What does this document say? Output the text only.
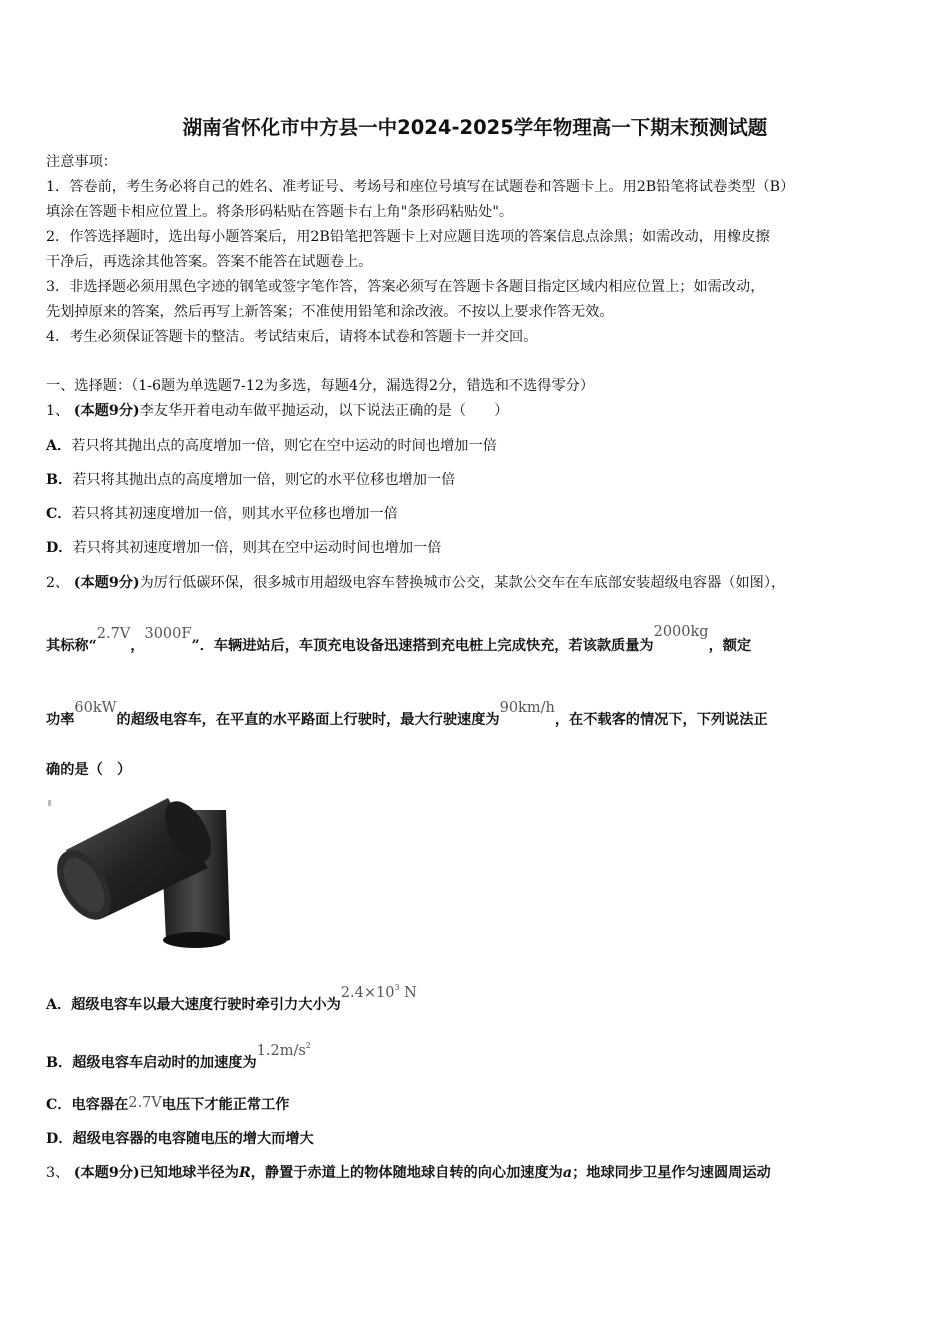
湖南省怀化市中方县一中2024-2025学年物理高一下期末预测试题
注意事项：
1．答卷前，考生务必将自己的姓名、准考证号、考场号和座位号填写在试题卷和答题卡上。用2B铅笔将试卷类型（B）
填涂在答题卡相应位置上。将条形码粘贴在答题卡右上角"条形码粘贴处"。
2．作答选择题时，选出每小题答案后，用2B铅笔把答题卡上对应题目选项的答案信息点涂黑；如需改动，用橡皮擦
干净后，再选涂其他答案。答案不能答在试题卷上。
3．非选择题必须用黑色字迹的钢笔或签字笔作答，答案必须写在答题卡各题目指定区域内相应位置上；如需改动，
先划掉原来的答案，然后再写上新答案；不准使用铅笔和涂改液。不按以上要求作答无效。
4．考生必须保证答题卡的整洁。考试结束后，请将本试卷和答题卡一并交回。
一、选择题：（1-6题为单选题7-12为多选，每题4分，漏选得2分，错选和不选得零分）
1、 (本题9分)李友华开着电动车做平抛运动，以下说法正确的是（　　）
A．若只将其抛出点的高度增加一倍，则它在空中运动的时间也增加一倍
B．若只将其抛出点的高度增加一倍，则它的水平位移也增加一倍
C．若只将其初速度增加一倍，则其水平位移也增加一倍
D．若只将其初速度增加一倍，则其在空中运动时间也增加一倍
2、 (本题9分)为厉行低碳环保，很多城市用超级电容车替换城市公交，某款公交车在车底部安装超级电容器（如图），
其标称“2.7V，3000F”．车辆进站后，车顶充电设备迅速搭到充电桩上完成快充，若该款质量为2000kg，额定
功率60kW的超级电容车，在平直的水平路面上行驶时，最大行驶速度为90km/h，在不载客的情况下，下列说法正
确的是（　）
A．超级电容车以最大速度行驶时牵引力大小为$2.4\times 10^3$ N
B．超级电容车启动时的加速度为$1.2m/s^2$
C．电容器在2.7V电压下才能正常工作
D．超级电容器的电容随电压的增大而增大
3、 (本题9分)已知地球半径为R，静置于赤道上的物体随地球自转的向心加速度为a；地球同步卫星作匀速圆周运动
